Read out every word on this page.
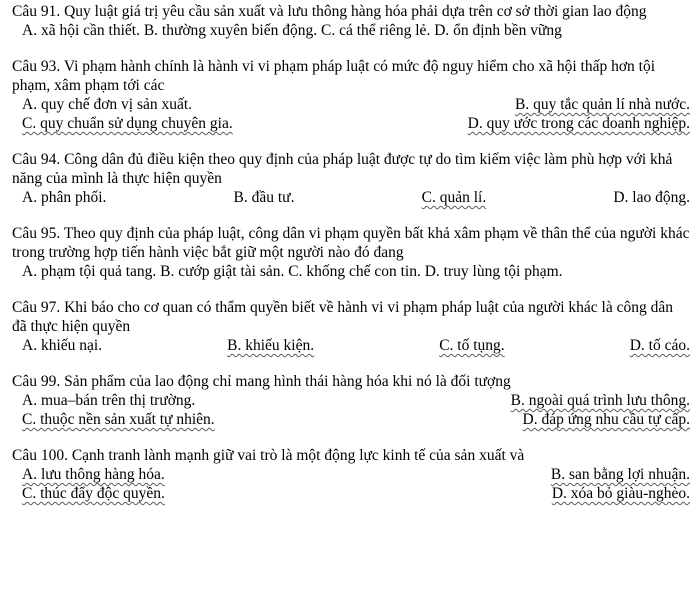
Câu 91. Quy luật giá trị yêu cầu sản xuất và lưu thông hàng hóa phải dựa trên cơ sở thời gian lao động
A. xã hội cần thiết. B. thường xuyên biến động. C. cá thể riêng lẻ. D. ổn định bền vững
Câu 93. Vi phạm hành chính là hành vi vi phạm pháp luật có mức độ nguy hiểm cho xã hội thấp hơn tội phạm, xâm phạm tới các
A. quy chế đơn vị sản xuất.	B. quy tắc quản lí nhà nước.
C. quy chuẩn sử dụng chuyên gia.	D. quy ước trong các doanh nghiệp.
Câu 94. Công dân đủ điều kiện theo quy định của pháp luật được tự do tìm kiếm việc làm phù hợp với khả năng của mình là thực hiện quyền
A. phân phối.	B. đầu tư.	C. quản lí.	D. lao động.
Câu 95. Theo quy định của pháp luật, công dân vi phạm quyền bất khả xâm phạm về thân thể của người khác trong trường hợp tiến hành việc bắt giữ một người nào đó đang
A. phạm tội quả tang. B. cướp giật tài sản. C. khống chế con tin. D. truy lùng tội phạm.
Câu 97. Khi báo cho cơ quan có thẩm quyền biết về hành vi vi phạm pháp luật của người khác là công dân đã thực hiện quyền
A. khiếu nại.	B. khiếu kiện.	C. tố tụng.	D. tố cáo.
Câu 99. Sản phẩm của lao động chỉ mang hình thái hàng hóa khi nó là đối tượng
A. mua–bán trên thị trường.	B. ngoài quá trình lưu thông.
C. thuộc nền sản xuất tự nhiên.	D. đáp ứng nhu cầu tự cấp.
Câu 100. Cạnh tranh lành mạnh giữ vai trò là một động lực kinh tế của sản xuất và
A. lưu thông hàng hóa.	B. san bằng lợi nhuận.
C. thúc đẩy độc quyền.	D. xóa bỏ giàu-nghèo.
